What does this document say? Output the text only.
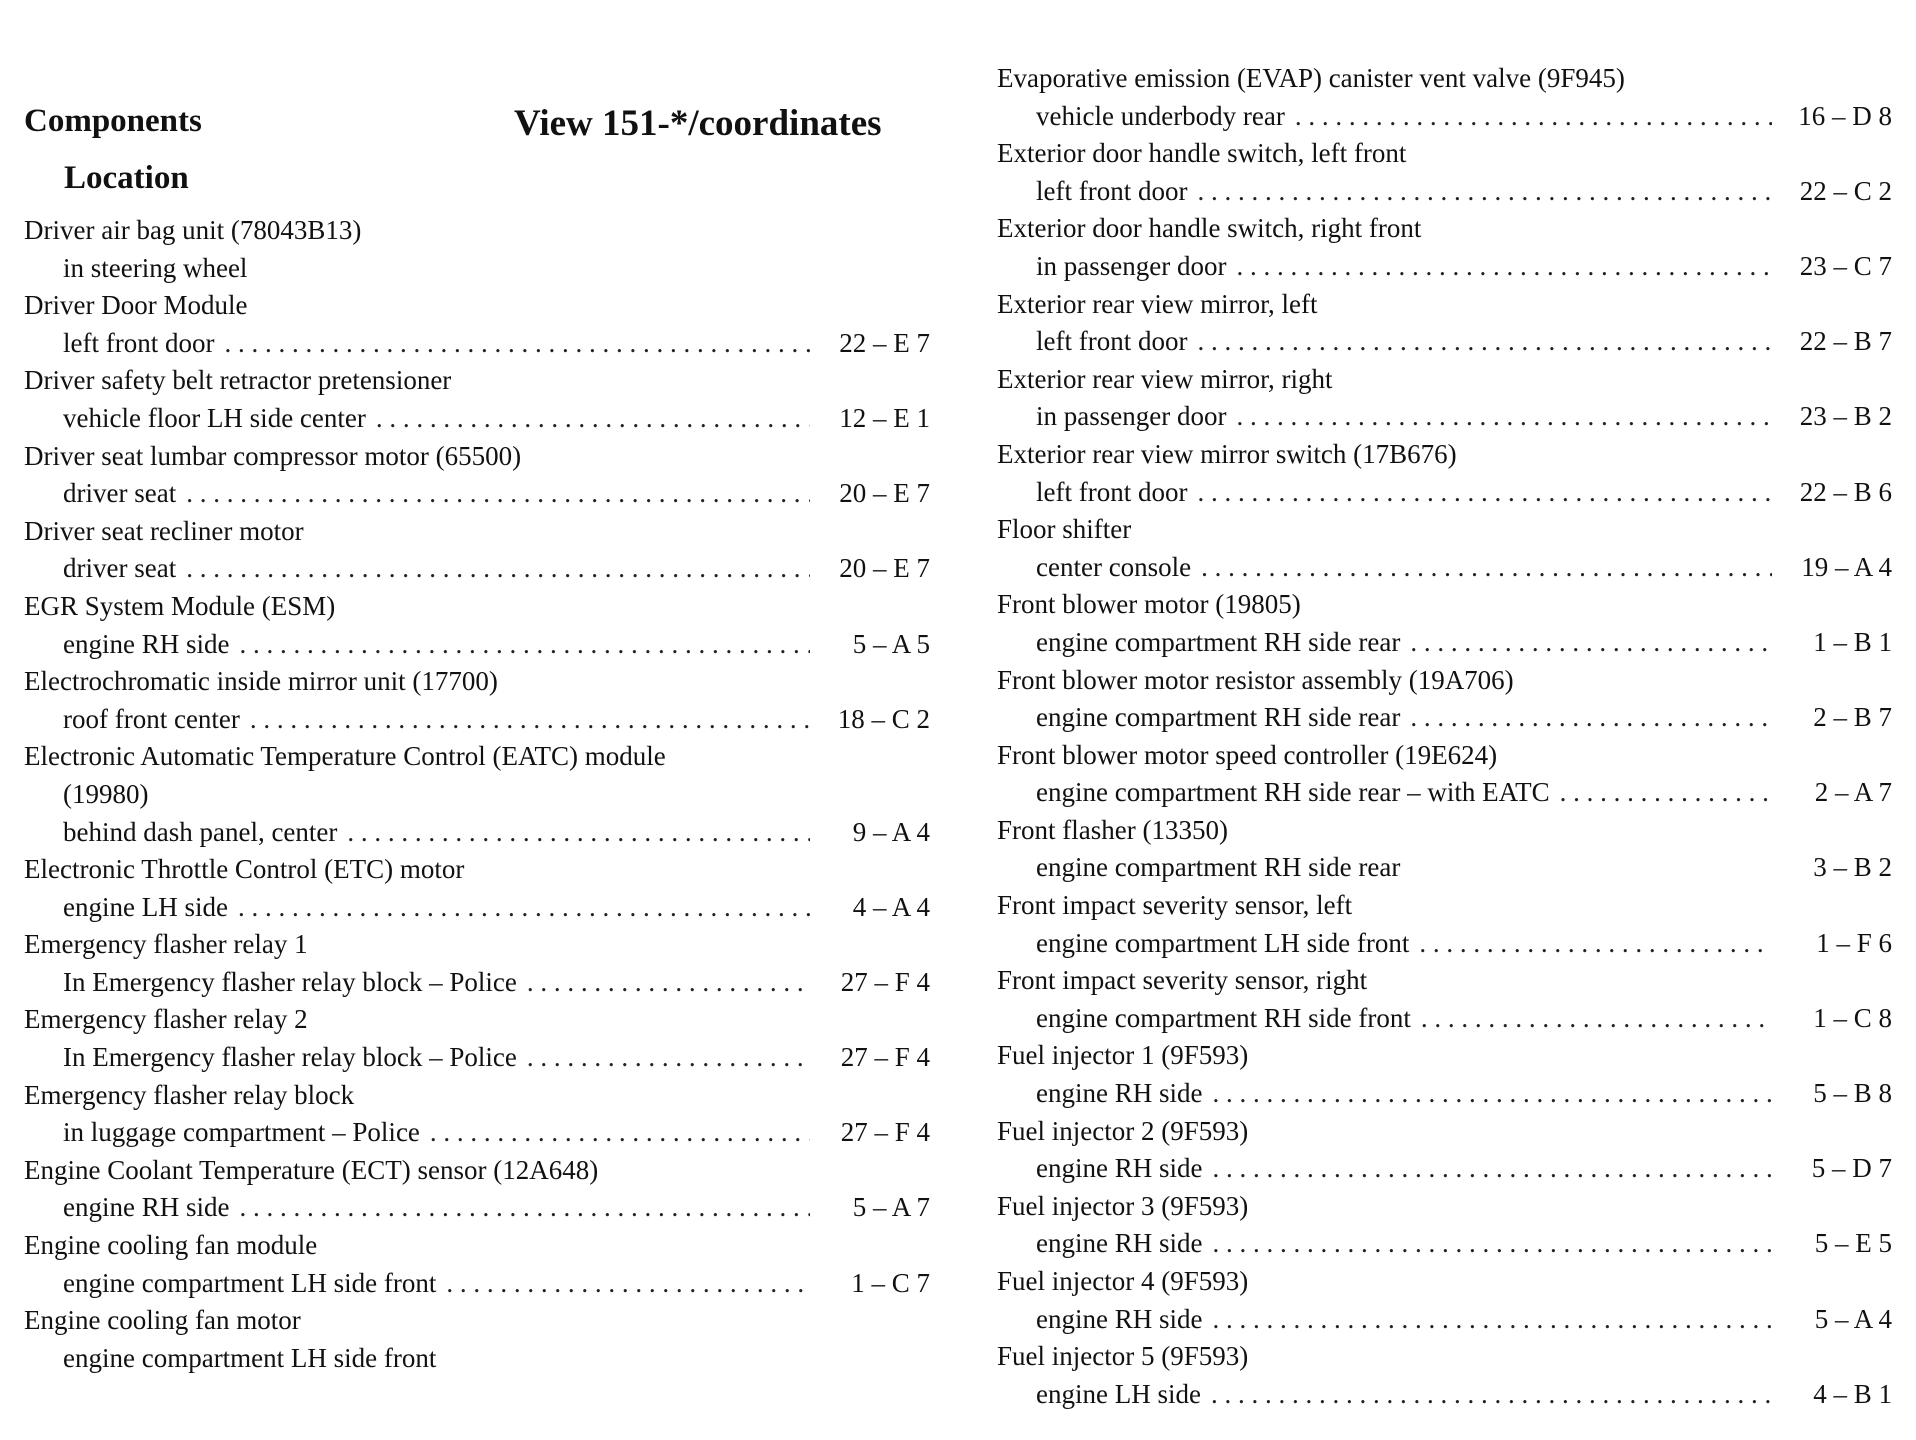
Components
Location
View 151-*/coordinates
Driver air bag unit (78043B13)
in steering wheel
Driver Door Module
left front door . . .	22 – E 7
Driver safety belt retractor pretensioner
vehicle floor LH side center . . .	12 – E 1
Driver seat lumbar compressor motor (65500)
driver seat . . .	20 – E 7
Driver seat recliner motor
driver seat . . .	20 – E 7
EGR System Module (ESM)
engine RH side . . .	5 – A 5
Electrochromatic inside mirror unit (17700)
roof front center . . .	18 – C 2
Electronic Automatic Temperature Control (EATC) module
(19980)
behind dash panel, center . . .	9 – A 4
Electronic Throttle Control (ETC) motor
engine LH side . . .	4 – A 4
Emergency flasher relay 1
In Emergency flasher relay block – Police . . .	27 – F 4
Emergency flasher relay 2
In Emergency flasher relay block – Police . . .	27 – F 4
Emergency flasher relay block
in luggage compartment – Police . . .	27 – F 4
Engine Coolant Temperature (ECT) sensor (12A648)
engine RH side . . .	5 – A 7
Engine cooling fan module
engine compartment LH side front . . .	1 – C 7
Engine cooling fan motor
engine compartment LH side front
Evaporative emission (EVAP) canister vent valve (9F945)
vehicle underbody rear . . .	16 – D 8
Exterior door handle switch, left front
left front door . . .	22 – C 2
Exterior door handle switch, right front
in passenger door . . .	23 – C 7
Exterior rear view mirror, left
left front door . . .	22 – B 7
Exterior rear view mirror, right
in passenger door . . .	23 – B 2
Exterior rear view mirror switch (17B676)
left front door . . .	22 – B 6
Floor shifter
center console . . .	19 – A 4
Front blower motor (19805)
engine compartment RH side rear . . .	1 – B 1
Front blower motor resistor assembly (19A706)
engine compartment RH side rear . . .	2 – B 7
Front blower motor speed controller (19E624)
engine compartment RH side rear – with EATC . . .	2 – A 7
Front flasher (13350)
engine compartment RH side rear	3 – B 2
Front impact severity sensor, left
engine compartment LH side front . . .	1 – F 6
Front impact severity sensor, right
engine compartment RH side front . . .	1 – C 8
Fuel injector 1 (9F593)
engine RH side . . .	5 – B 8
Fuel injector 2 (9F593)
engine RH side . . .	5 – D 7
Fuel injector 3 (9F593)
engine RH side . . .	5 – E 5
Fuel injector 4 (9F593)
engine RH side . . .	5 – A 4
Fuel injector 5 (9F593)
engine LH side . . .	4 – B 1
